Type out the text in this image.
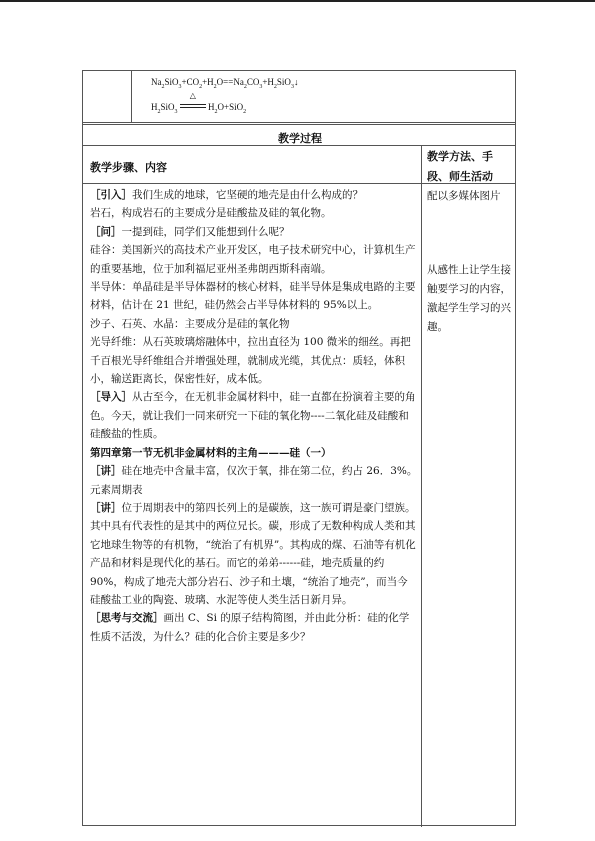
$Na_2SiO_3+CO_2+H_2O==Na_2CO_3+H_2SiO_3↓$
$H_2SiO_3$
△
$H_2O+SiO_2$
教学过程
教学步骤、内容
教学方法、手段、师生活动

［引入］我们生成的地球，它坚硬的地壳是由什么构成的？

岩石，构成岩石的主要成分是硅酸盐及硅的氧化物。

［问］一提到硅，同学们又能想到什么呢？

硅谷：美国新兴的高技术产业开发区，电子技术研究中心，计算机生产的重要基地，位于加利福尼亚州圣弗朗西斯科南端。

半导体：单晶硅是半导体器材的核心材料，硅半导体是集成电路的主要材料，估计在 21 世纪，硅仍然会占半导体材料的 95%以上。

沙子、石英、水晶：主要成分是硅的氧化物

光导纤维：从石英玻璃熔融体中，拉出直径为 100 微米的细丝。再把千百根光导纤维组合并增强处理，就制成光缆，其优点：质轻，体积小，输送距离长，保密性好，成本低。

［导入］从古至今，在无机非金属材料中，硅一直都在扮演着主要的角色。今天，就让我们一同来研究一下硅的氧化物----二氧化硅及硅酸和硅酸盐的性质。

第四章第一节无机非金属材料的主角———硅（一）

［讲］硅在地壳中含量丰富，仅次于氧，排在第二位，约占 26．3%。

元素周期表

［讲］位于周期表中的第四长列上的是碳族，这一族可谓是豪门望族。其中具有代表性的是其中的两位兄长。碳，形成了无数种构成人类和其它地球生物等的有机物，“统治了有机界”。其构成的煤、石油等有机化产品和材料是现代化的基石。而它的弟弟------硅，地壳质量的约 90%，构成了地壳大部分岩石、沙子和土壤，“统治了地壳”，而当今硅酸盐工业的陶瓷、玻璃、水泥等使人类生活日新月异。

［思考与交流］画出 C、Si 的原子结构简图，并由此分析：硅的化学性质不活泼，为什么？硅的化合价主要是多少？

配以多媒体图片
从感性上让学生接触要学习的内容，激起学生学习的兴趣。
